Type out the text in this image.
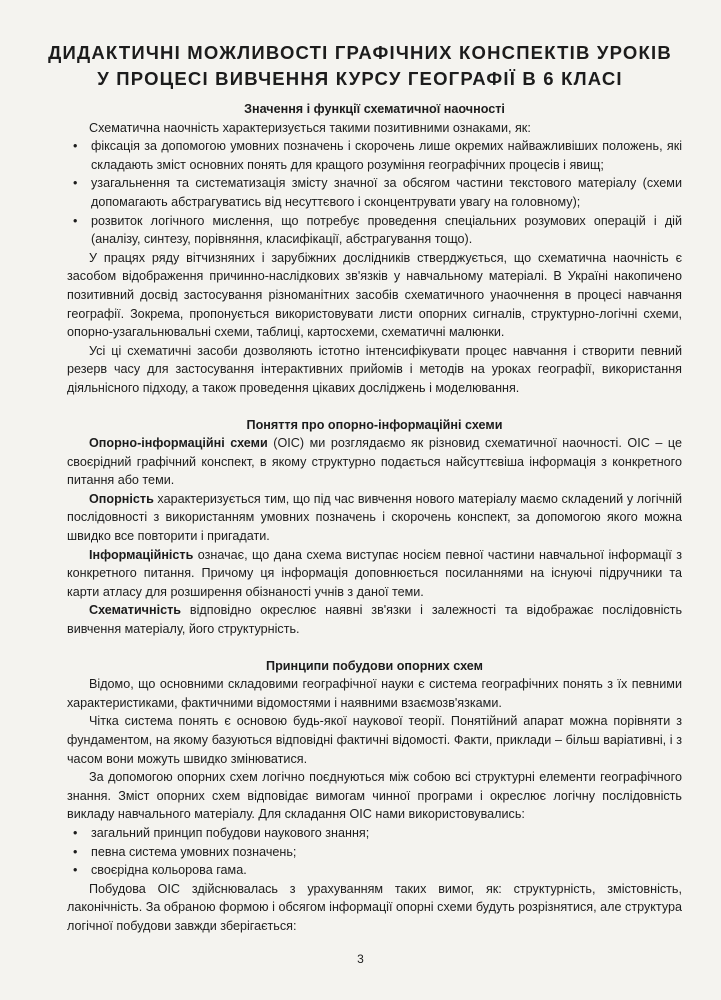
ДИДАКТИЧНІ МОЖЛИВОСТІ ГРАФІЧНИХ КОНСПЕКТІВ УРОКІВ
У ПРОЦЕСІ ВИВЧЕННЯ КУРСУ ГЕОГРАФІЇ В 6 КЛАСІ
Значення і функції схематичної наочності

Схематична наочність характеризується такими позитивними ознаками, як:

• фіксація за допомогою умовних позначень і скорочень лише окремих найважливіших положень, які складають зміст основних понять для кращого розуміння географічних процесів і явищ;
• узагальнення та систематизація змісту значної за обсягом частини текстового матеріалу (схеми допомагають абстрагуватись від несуттєвого і сконцентрувати увагу на головному);
• розвиток логічного мислення, що потребує проведення спеціальних розумових операцій і дій (аналізу, синтезу, порівняння, класифікації, абстрагування тощо).

У працях ряду вітчизняних і зарубіжних дослідників стверджується, що схематична наочність є засобом відображення причинно-наслідкових зв'язків у навчальному матеріалі. В Україні накопичено позитивний досвід застосування різноманітних засобів схематичного унаочнення в процесі навчання географії. Зокрема, пропонується використовувати листи опорних сигналів, структурно-логічні схеми, опорно-узагальнювальні схеми, таблиці, картосхеми, схематичні малюнки.

Усі ці схематичні засоби дозволяють істотно інтенсифікувати процес навчання і створити певний резерв часу для застосування інтерактивних прийомів і методів на уроках географії, використання діяльнісного підходу, а також проведення цікавих досліджень і моделювання.

Поняття про опорно-інформаційні схеми

Опорно-інформаційні схеми (ОІС) ми розглядаємо як різновид схематичної наочності. ОІС – це своєрідний графічний конспект, в якому структурно подається найсуттєвіша інформація з конкретного питання або теми.

Опорність характеризується тим, що під час вивчення нового матеріалу маємо складений у логічній послідовності з використанням умовних позначень і скорочень конспект, за допомогою якого можна швидко все повторити і пригадати.

Інформаційність означає, що дана схема виступає носієм певної частини навчальної інформації з конкретного питання. Причому ця інформація доповнюється посиланнями на існуючі підручники та карти атласу для розширення обізнаності учнів з даної теми.

Схематичність відповідно окреслює наявні зв'язки і залежності та відображає послідовність вивчення матеріалу, його структурність.

Принципи побудови опорних схем

Відомо, що основними складовими географічної науки є система географічних понять з їх певними характеристиками, фактичними відомостями і наявними взаємозв'язками.

Чітка система понять є основою будь-якої наукової теорії. Понятійний апарат можна порівняти з фундаментом, на якому базуються відповідні фактичні відомості. Факти, приклади – більш варіативні, і з часом вони можуть швидко змінюватися.

За допомогою опорних схем логічно поєднуються між собою всі структурні елементи географічного знання. Зміст опорних схем відповідає вимогам чинної програми і окреслює логічну послідовність викладу навчального матеріалу. Для складання ОІС нами використовувались:

• загальний принцип побудови наукового знання;
• певна система умовних позначень;
• своєрідна кольорова гама.

Побудова ОІС здійснювалась з урахуванням таких вимог, як: структурність, змістовність, лаконічність. За обраною формою і обсягом інформації опорні схеми будуть розрізнятися, але структура логічної побудови завжди зберігається:

3
